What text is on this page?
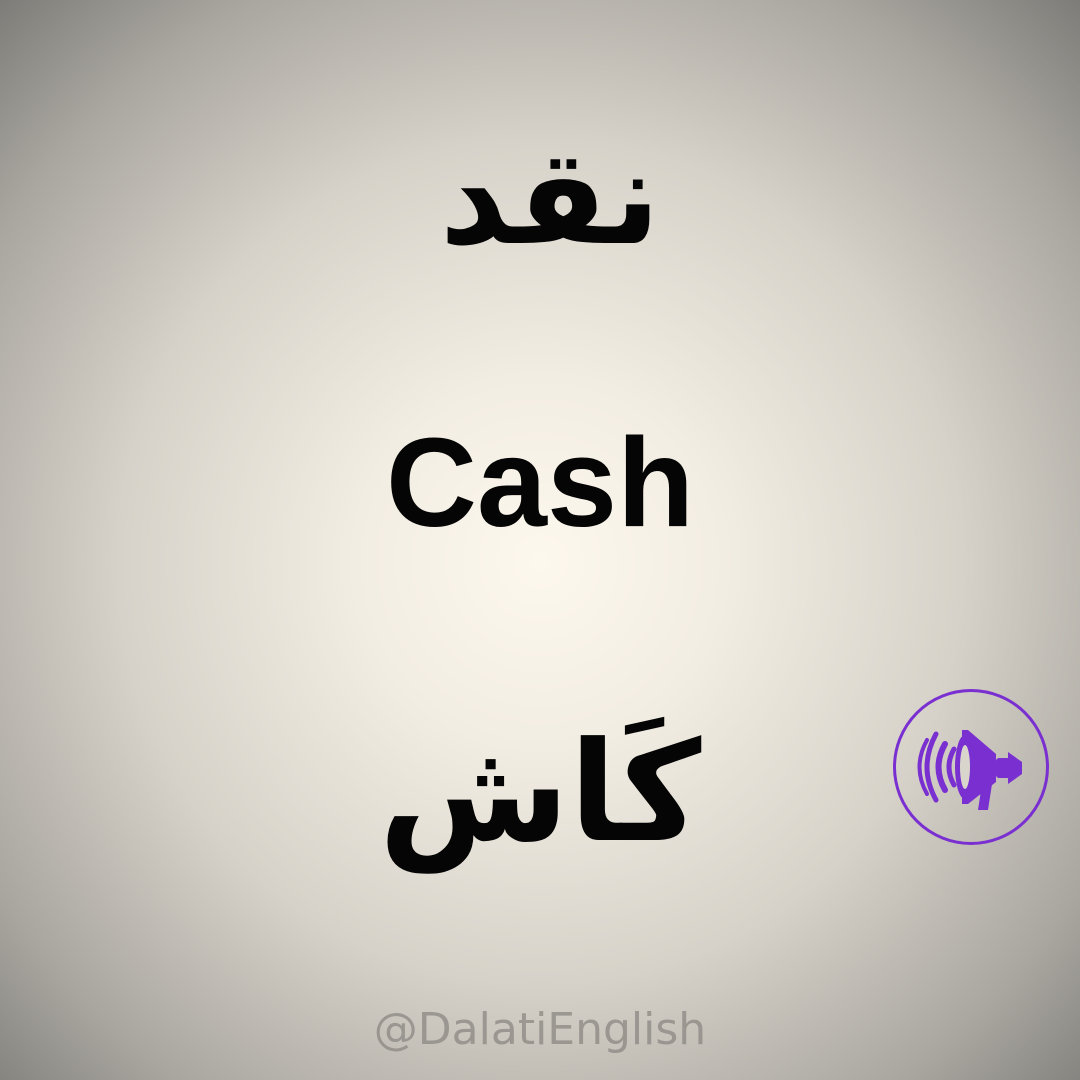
نقد
Cash
كَاش
@DalatiEnglish
